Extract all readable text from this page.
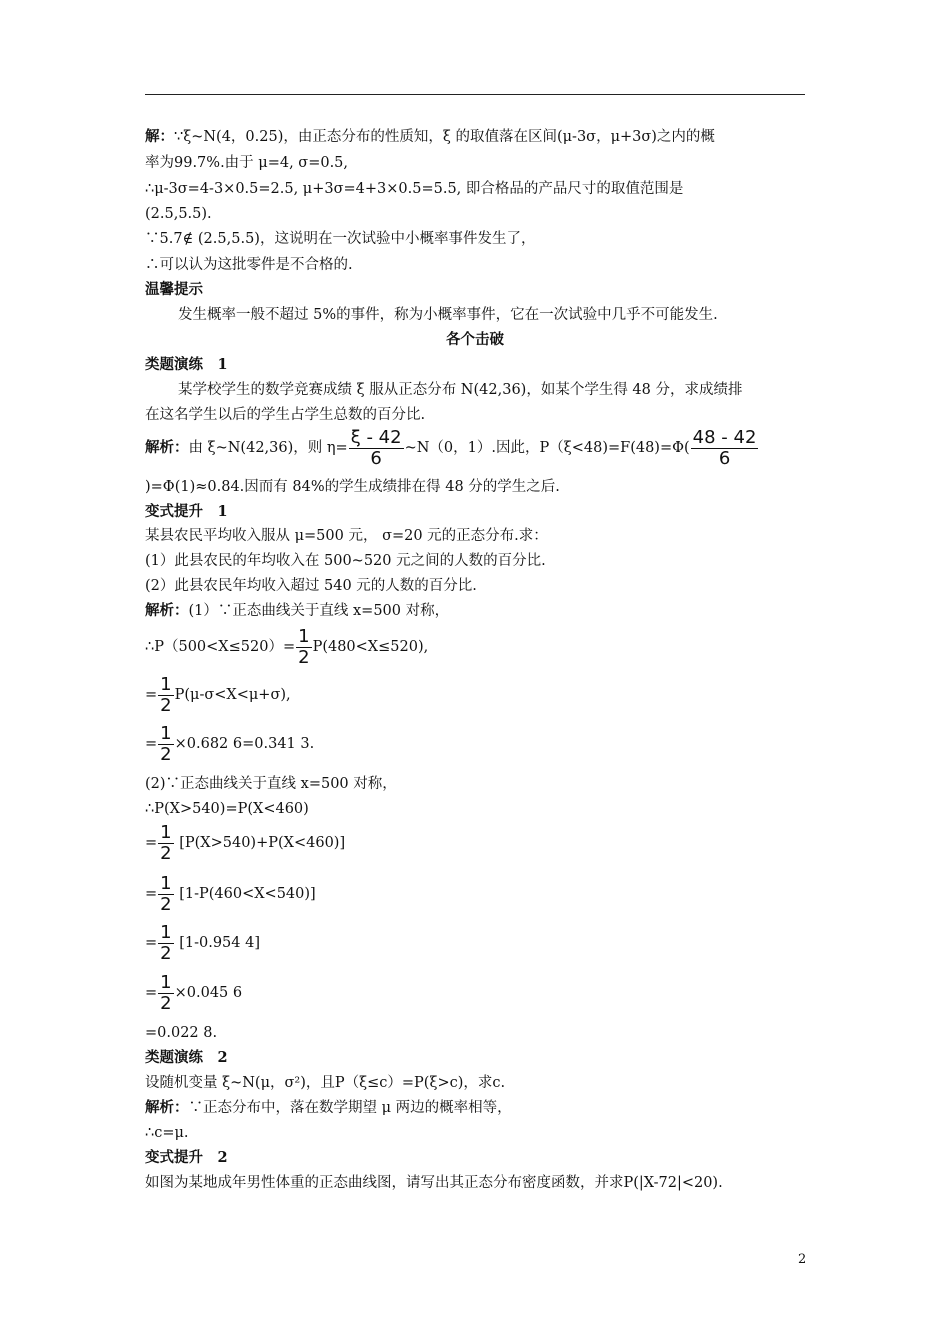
解：∵ξ~N(4，0.25)，由正态分布的性质知，ξ 的取值落在区间(μ-3σ，μ+3σ)之内的概
率为99.7%.由于 μ=4, σ=0.5,
∴μ-3σ=4-3×0.5=2.5, μ+3σ=4+3×0.5=5.5, 即合格品的产品尺寸的取值范围是
(2.5,5.5).
∵5.7∉ (2.5,5.5)，这说明在一次试验中小概率事件发生了，
∴可以认为这批零件是不合格的.
温馨提示
发生概率一般不超过 5%的事件，称为小概率事件，它在一次试验中几乎不可能发生.
各个击破
类题演练　1
某学校学生的数学竞赛成绩 ξ 服从正态分布 N(42,36)，如某个学生得 48 分，求成绩排
在这名学生以后的学生占学生总数的百分比.
解析：由 ξ~N(42,36)，则 $\eta= \frac{\xi - 42}{6}$ ~N（0，1）.因此，$P(\xi<48)=F(48)=\Phi( \frac{48 - 42}{6}$
)=Φ(1)≈0.84.因而有 84%的学生成绩排在得 48 分的学生之后.
变式提升　1
某县农民平均收入服从 μ=500 元， σ=20 元的正态分布.求：
(1）此县农民的年均收入在 500~520 元之间的人数的百分比.
(2）此县农民年均收入超过 540 元的人数的百分比.
解析：(1）∵正态曲线关于直线 x=500 对称，
∴P（500<X≤520）= $\frac{1}{2} P(480<X\le 520)$,
= $\frac{1}{2} P(\mu-\sigma<X<\mu+\sigma)$,
= $\frac{1}{2} \times 0.682$ 6=0.341 3.
(2)∵正态曲线关于直线 x=500 对称，
∴P(X>540)=P(X<460)
= $\frac{1}{2} [P(X>540)+P(X<460)]$
= $\frac{1}{2} [1-P(460<X<540)]$
= $\frac{1}{2} [1-0.954$ 4]
= $\frac{1}{2} \times 0.045$ 6
=0.022 8.
类题演练　2
设随机变量 ξ~N(μ，σ²)，且P（ξ≤c）=P(ξ>c)，求c.
解析：∵正态分布中，落在数学期望 μ 两边的概率相等，
∴c=μ.
变式提升　2
如图为某地成年男性体重的正态曲线图，请写出其正态分布密度函数，并求P(|X-72|<20).
2
